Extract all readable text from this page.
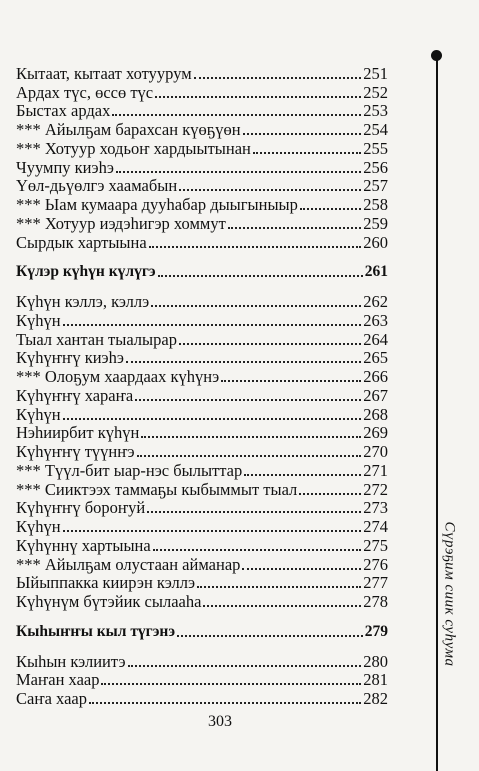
Кытаат, кытаат хотуурум	251
Ардах түс, өссө түс	252
Быстах ардах	253
*** Айылҕам барахсан күөҕүөн	254
*** Хотуур ходьоҥ хардыытынан	255
Чуумпу киэһэ	256
Үөл-дьүөлгэ хаамабын	257
*** Ыам кумаара дууһабар дыыгыныыр	258
*** Хотуур иэдэһигэр хоммут	259
Сырдык хартыына	260
Күлэр күһүн күлүгэ	261
Күһүн кэллэ, кэллэ	262
Күһүн	263
Тыал хантан тыалырар	264
Күһүҥҥү киэһэ	265
*** Олоҕум хаардаах күһүнэ	266
Күһүҥҥү хараҥа	267
Күһүн	268
Нэһиирбит күһүн	269
Күһүҥҥү түүнҥэ	270
*** Түүл-бит ыар-нэс былыттар	271
*** Сииктээх таммаҕы кыбыммыт тыал	272
Күһүҥҥү бороҥуй	273
Күһүн	274
Күһүннү хартыына	275
*** Айылҕам олустаан айманар	276
Ыйыппакка киирэн кэллэ	277
Күһүнүм бүтэйик сылааһа	278
Кыһыҥҥы кыл түгэнэ	279
Кыһын кэлиитэ	280
Маҥан хаар	281
Саҥа хаар	282
303
Сүрэҕим сиик суһума
